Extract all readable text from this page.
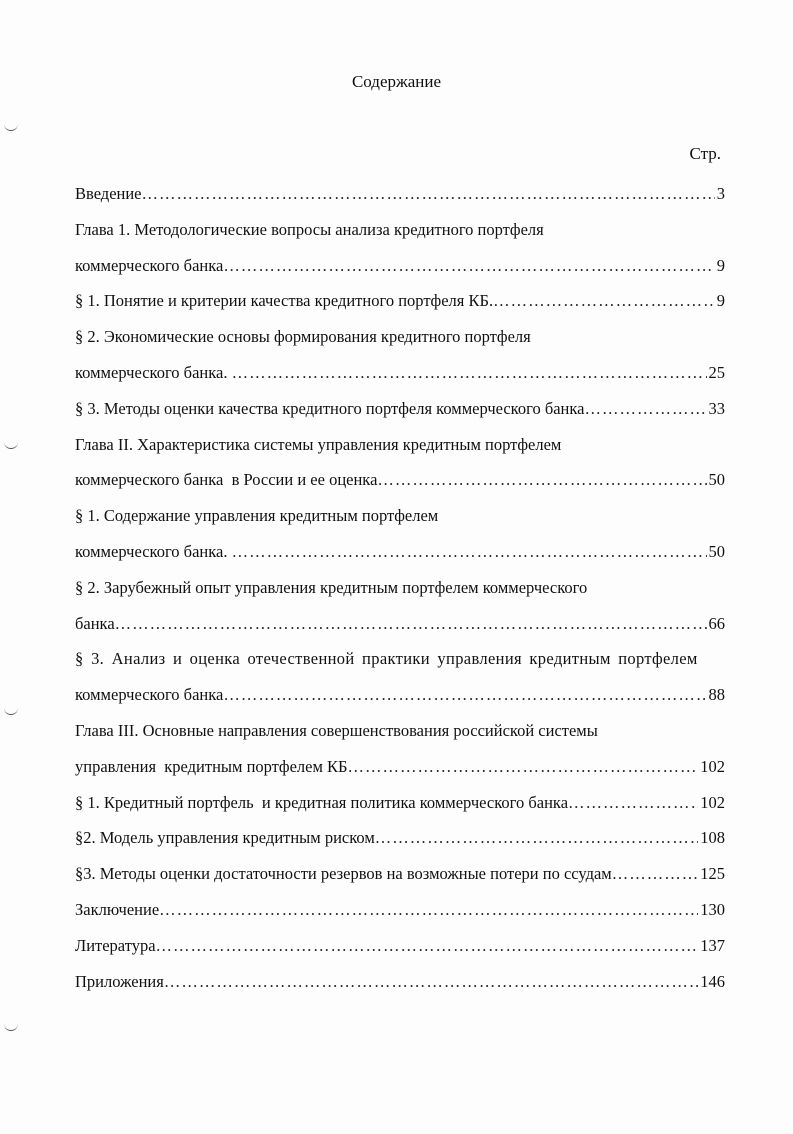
Содержание
Стр.
Введение ……………………………………………………………………………………………………………………………………………………………………………………………………………………	3
Глава 1. Методологические вопросы анализа кредитного портфеля
коммерческого банка ……………………………………………………………………………………………………………………………………………………………………………………………………………………	9
§ 1. Понятие и критерии качества кредитного портфеля КБ. ……………………………………………………………………………………………………………………………………………………………………………………………………………………	9
§ 2. Экономические основы формирования кредитного портфеля
коммерческого банка. ……………………………………………………………………………………………………………………………………………………………………………………………………………………	25
§ 3. Методы оценки качества кредитного портфеля коммерческого банка ……………………………………………………………………………………………………………………………………………………………………………………………………………………	33
Глава II. Характеристика системы управления кредитным портфелем
коммерческого банка  в России и ее оценка ……………………………………………………………………………………………………………………………………………………………………………………………………………………	50
§ 1. Содержание управления кредитным портфелем
коммерческого банка. ……………………………………………………………………………………………………………………………………………………………………………………………………………………	50
§ 2. Зарубежный опыт управления кредитным портфелем коммерческого
банка ……………………………………………………………………………………………………………………………………………………………………………………………………………………	66
§ 3. Анализ и оценка отечественной практики управления кредитным портфелем
коммерческого банка ……………………………………………………………………………………………………………………………………………………………………………………………………………………	88
Глава III. Основные направления совершенствования российской системы
управления  кредитным портфелем КБ ……………………………………………………………………………………………………………………………………………………………………………………………………………………	102
§ 1. Кредитный портфель  и кредитная политика коммерческого банка ……………………………………………………………………………………………………………………………………………………………………………………………………………………	102
§2. Модель управления кредитным риском ……………………………………………………………………………………………………………………………………………………………………………………………………………………	108
§3. Методы оценки достаточности резервов на возможные потери по ссудам ……………………………………………………………………………………………………………………………………………………………………………………………………………………	125
Заключение ……………………………………………………………………………………………………………………………………………………………………………………………………………………	130
Литература ……………………………………………………………………………………………………………………………………………………………………………………………………………………	137
Приложения ……………………………………………………………………………………………………………………………………………………………………………………………………………………	146
